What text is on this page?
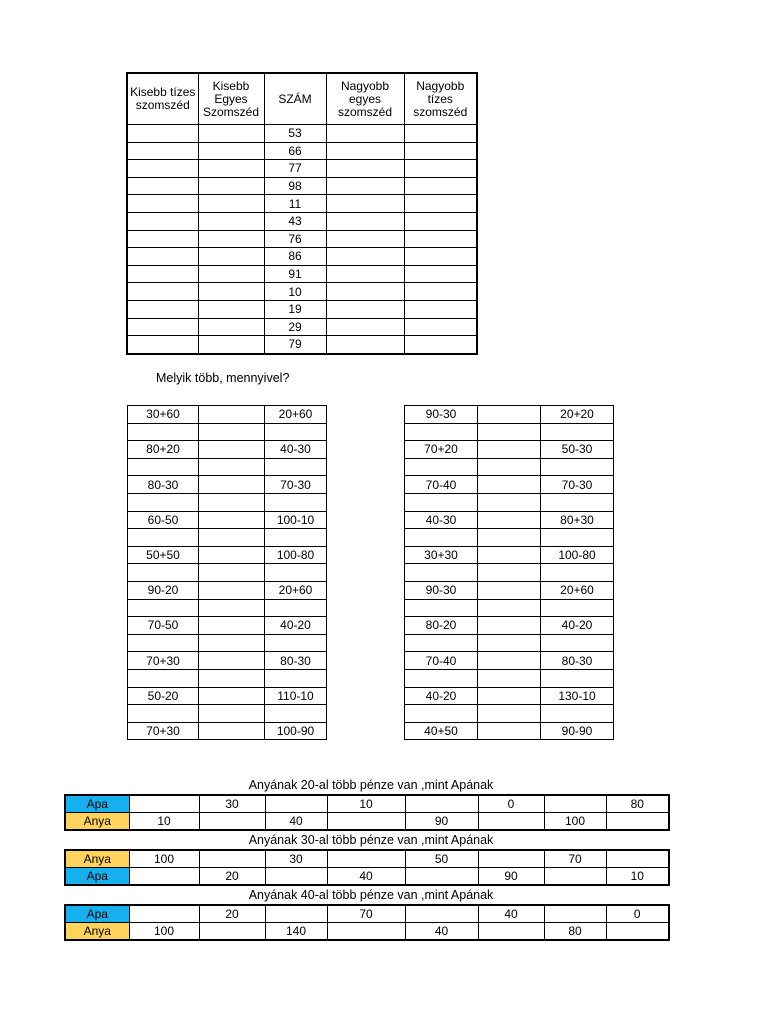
Kisebb tízes szomszéd	Kisebb Egyes Szomszéd	SZÁM	Nagyobb egyes szomszéd	Nagyobb tízes szomszéd
		53		
		66		
		77		
		98		
		11		
		43		
		76		
		86		
		91		
		10		
		19		
		29		
		79		
Melyik több, mennyivel?
30+60		20+60

80+20		40-30

80-30		70-30

60-50		100-10

50+50		100-80

90-20		20+60

70-50		40-20

70+30		80-30

50-20		110-10

70+30		100-90
90-30		20+20

70+20		50-30

70-40		70-30

40-30		80+30

30+30		100-80

90-30		20+60

80-20		40-20

70-40		80-30

40-20		130-10

40+50		90-90
Anyának 20-al több pénze van ,mint Apának
Apa		30		10		0		80
Anya	10		40		90		100	
Anyának 30-al több pénze van ,mint Apának
Anya	100		30		50		70	
Apa		20		40		90		10
Anyának 40-al több pénze van ,mint Apának
Apa		20		70		40		0
Anya	100		140		40		80	
